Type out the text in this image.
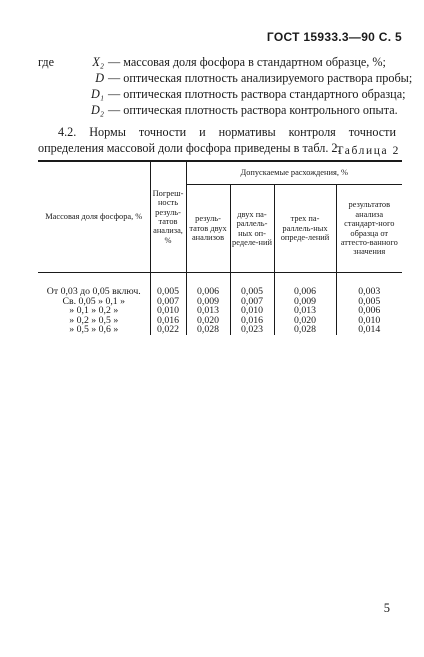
ГОСТ 15933.3—90 С. 5
где	X₂ — массовая доля фосфора в стандартном образце, %;
D — оптическая плотность анализируемого раствора пробы;
D₁ — оптическая плотность раствора стандартного образца;
D₂ — оптическая плотность раствора контрольного опыта.
4.2. Нормы точности и нормативы контроля точности определения массовой доли фосфора приведены в табл. 2.
Таблица 2
Массовая доля фосфора, %	Погреш-ность резуль-татов анализа, %	Допускаемые расхождения, %			
		резуль-татов двух анализов	двух па-раллель-ных оп-ределе-ний	трех па-раллель-ных опреде-лений	результатов анализа стандарт-ного образца от аттесто-ванного значения
От 0,03 до 0,05 включ.	0,005	0,006	0,005	0,006	0,003
Св. 0,05 » 0,1 »	0,007	0,009	0,007	0,009	0,005
» 0,1 » 0,2 »	0,010	0,013	0,010	0,013	0,006
» 0,2 » 0,5 »	0,016	0,020	0,016	0,020	0,010
» 0,5 » 0,6 »	0,022	0,028	0,023	0,028	0,014
5
